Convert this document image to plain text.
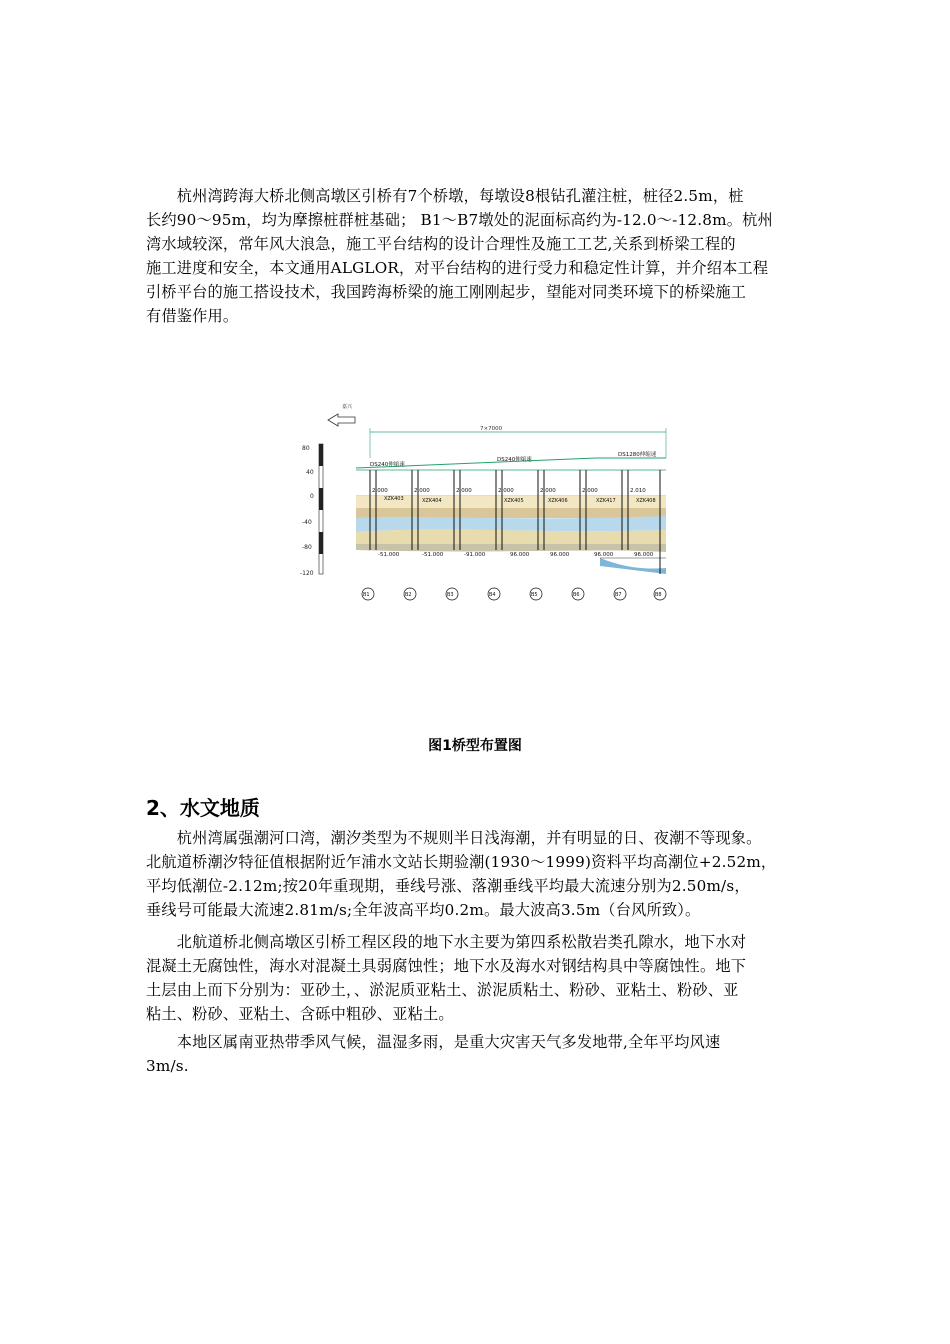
　　杭州湾跨海大桥北侧高墩区引桥有7个桥墩，每墩设8根钻孔灌注桩，桩径2.5m，桩
长约90～95m，均为摩擦桩群桩基础； B1～B7墩处的泥面标高约为-12.0～-12.8m。杭州
湾水域较深，常年风大浪急，施工平台结构的设计合理性及施工工艺,关系到桥梁工程的
施工进度和安全，本文通用ALGLOR，对平台结构的进行受力和稳定性计算，并介绍本工程
引桥平台的施工搭设技术，我国跨海桥梁的施工刚刚起步，望能对同类环境下的桥梁施工
有借鉴作用。
嘉兴
7×7000
80
40
0
-40
-80
-120
DS240伸缩速
DS240伸缩速
DS1280伸缩速
2.000	2.000	2.000	2.000	2.000	2.000	2.010
XZK403	XZK404	XZK405	XZK406	XZK417	XZK408
-51.000	-51.000	-91.000	96.000	96.000	96.000	96.000
B1	B2	B3	B4	B5	B6	B7	B8
图1桥型布置图
2、水文地质
　　杭州湾属强潮河口湾，潮汐类型为不规则半日浅海潮，并有明显的日、夜潮不等现象。
北航道桥潮汐特征值根据附近乍浦水文站长期验潮(1930～1999)资料平均高潮位+2.52m，
平均低潮位-2.12m;按20年重现期，垂线号涨、落潮垂线平均最大流速分别为2.50m/s，
垂线号可能最大流速2.81m/s;全年波高平均0.2m。最大波高3.5m（台风所致）。
　　北航道桥北侧高墩区引桥工程区段的地下水主要为第四系松散岩类孔隙水，地下水对
混凝土无腐蚀性，海水对混凝土具弱腐蚀性；地下水及海水对钢结构具中等腐蚀性。地下
土层由上而下分别为：亚砂土，、淤泥质亚粘土、淤泥质粘土、粉砂、亚粘土、粉砂、亚
粘土、粉砂、亚粘土、含砾中粗砂、亚粘土。
　　本地区属南亚热带季风气候，温湿多雨，是重大灾害天气多发地带,全年平均风速
3m/s.
